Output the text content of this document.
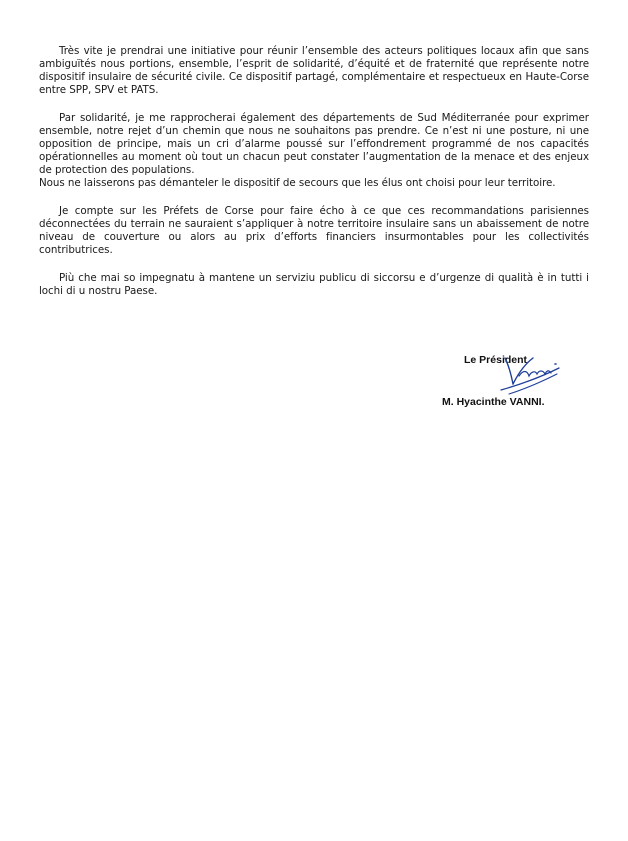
Très vite je prendrai une initiative pour réunir l’ensemble des acteurs politiques locaux afin que sans ambiguïtés nous portions, ensemble, l’esprit de solidarité, d’équité et de fraternité que représente notre dispositif insulaire de sécurité civile. Ce dispositif partagé, complémentaire et respectueux en Haute-Corse entre SPP, SPV et PATS.

Par solidarité, je me rapprocherai également des départements de Sud Méditerranée pour exprimer ensemble, notre rejet d’un chemin que nous ne souhaitons pas prendre. Ce n’est ni une posture, ni une opposition de principe, mais un cri d’alarme poussé sur l’effondrement programmé de nos capacités opérationnelles au moment où tout un chacun peut constater l’augmentation de la menace et des enjeux de protection des populations.

Nous ne laisserons pas démanteler le dispositif de secours que les élus ont choisi pour leur territoire.

Je compte sur les Préfets de Corse pour faire écho à ce que ces recommandations parisiennes déconnectées du terrain ne sauraient s’appliquer à notre territoire insulaire sans un abaissement de notre niveau de couverture ou alors au prix d’efforts financiers insurmontables pour les collectivités contributrices.

Più che mai so impegnatu à mantene un serviziu publicu di siccorsu e d’urgenze di qualità è in tutti i lochi di u nostru Paese.

Le Président
M. Hyacinthe VANNI.
